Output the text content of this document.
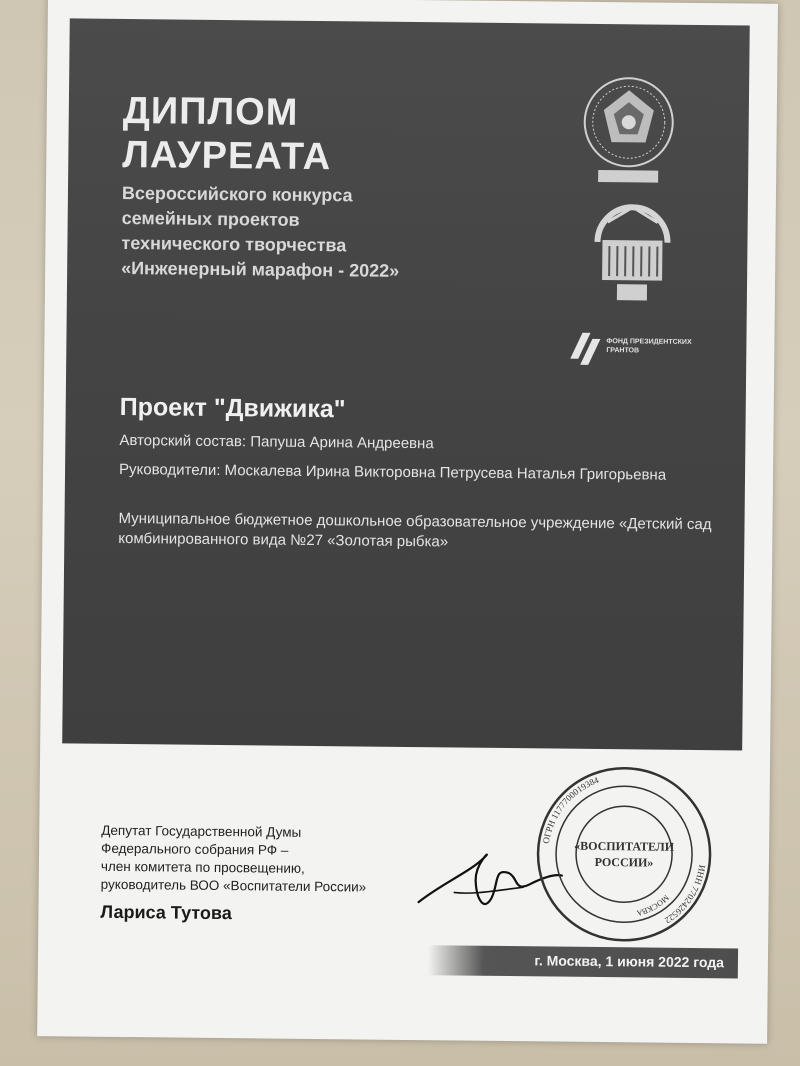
ДИПЛОМ
ЛАУРЕАТА
Всероссийского конкурса
семейных проектов
технического творчества
«Инженерный марафон - 2022»
ФОНД ПРЕЗИДЕНТСКИХ ГРАНТОВ
Проект "Движика"
Авторский состав: Папуша Арина Андреевна
Руководители: Москалева Ирина Викторовна Петрусева Наталья Григорьевна
Муниципальное бюджетное дошкольное образовательное учреждение «Детский сад комбинированного вида №27 «Золотая рыбка»
Депутат Государственной Думы
Федерального собрания РФ –
член комитета по просвещению,
руководитель ВОО «Воспитатели России»
Лариса Тутова
ОГРН 1177700019384
ИНН 7702426522
МОСКВА
«ВОСПИТАТЕЛИ
РОССИИ»
г. Москва, 1 июня 2022 года
